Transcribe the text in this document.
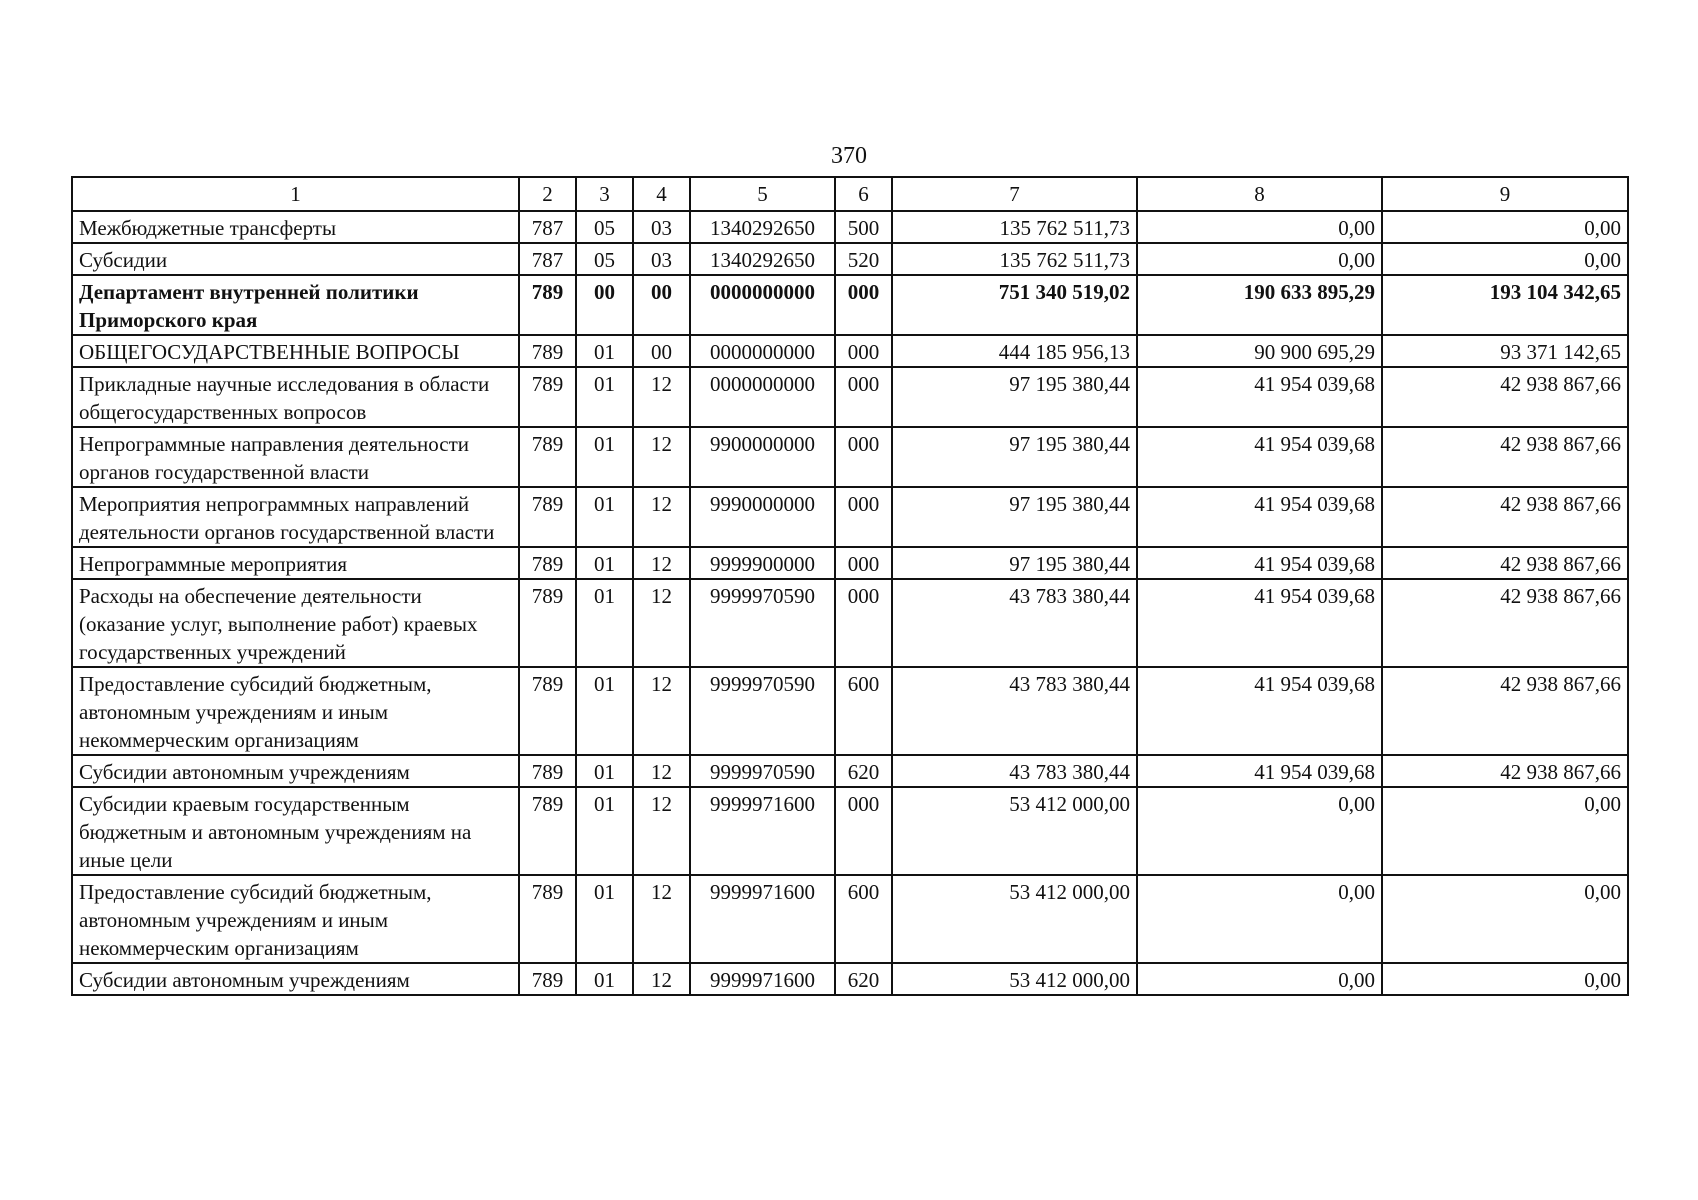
370
1	2	3	4	5	6	7	8	9
Межбюджетные трансферты	787	05	03	1340292650	500	135 762 511,73	0,00	0,00
Субсидии	787	05	03	1340292650	520	135 762 511,73	0,00	0,00
Департамент внутренней политики Приморского края	789	00	00	0000000000	000	751 340 519,02	190 633 895,29	193 104 342,65
ОБЩЕГОСУДАРСТВЕННЫЕ ВОПРОСЫ	789	01	00	0000000000	000	444 185 956,13	90 900 695,29	93 371 142,65
Прикладные научные исследования в области общегосударственных вопросов	789	01	12	0000000000	000	97 195 380,44	41 954 039,68	42 938 867,66
Непрограммные направления деятельности органов государственной власти	789	01	12	9900000000	000	97 195 380,44	41 954 039,68	42 938 867,66
Мероприятия непрограммных направлений деятельности органов государственной власти	789	01	12	9990000000	000	97 195 380,44	41 954 039,68	42 938 867,66
Непрограммные мероприятия	789	01	12	9999900000	000	97 195 380,44	41 954 039,68	42 938 867,66
Расходы на обеспечение деятельности (оказание услуг, выполнение работ) краевых государственных учреждений	789	01	12	9999970590	000	43 783 380,44	41 954 039,68	42 938 867,66
Предоставление субсидий бюджетным, автономным учреждениям и иным некоммерческим организациям	789	01	12	9999970590	600	43 783 380,44	41 954 039,68	42 938 867,66
Субсидии автономным учреждениям	789	01	12	9999970590	620	43 783 380,44	41 954 039,68	42 938 867,66
Субсидии краевым государственным бюджетным и автономным учреждениям на иные цели	789	01	12	9999971600	000	53 412 000,00	0,00	0,00
Предоставление субсидий бюджетным, автономным учреждениям и иным некоммерческим организациям	789	01	12	9999971600	600	53 412 000,00	0,00	0,00
Субсидии автономным учреждениям	789	01	12	9999971600	620	53 412 000,00	0,00	0,00
